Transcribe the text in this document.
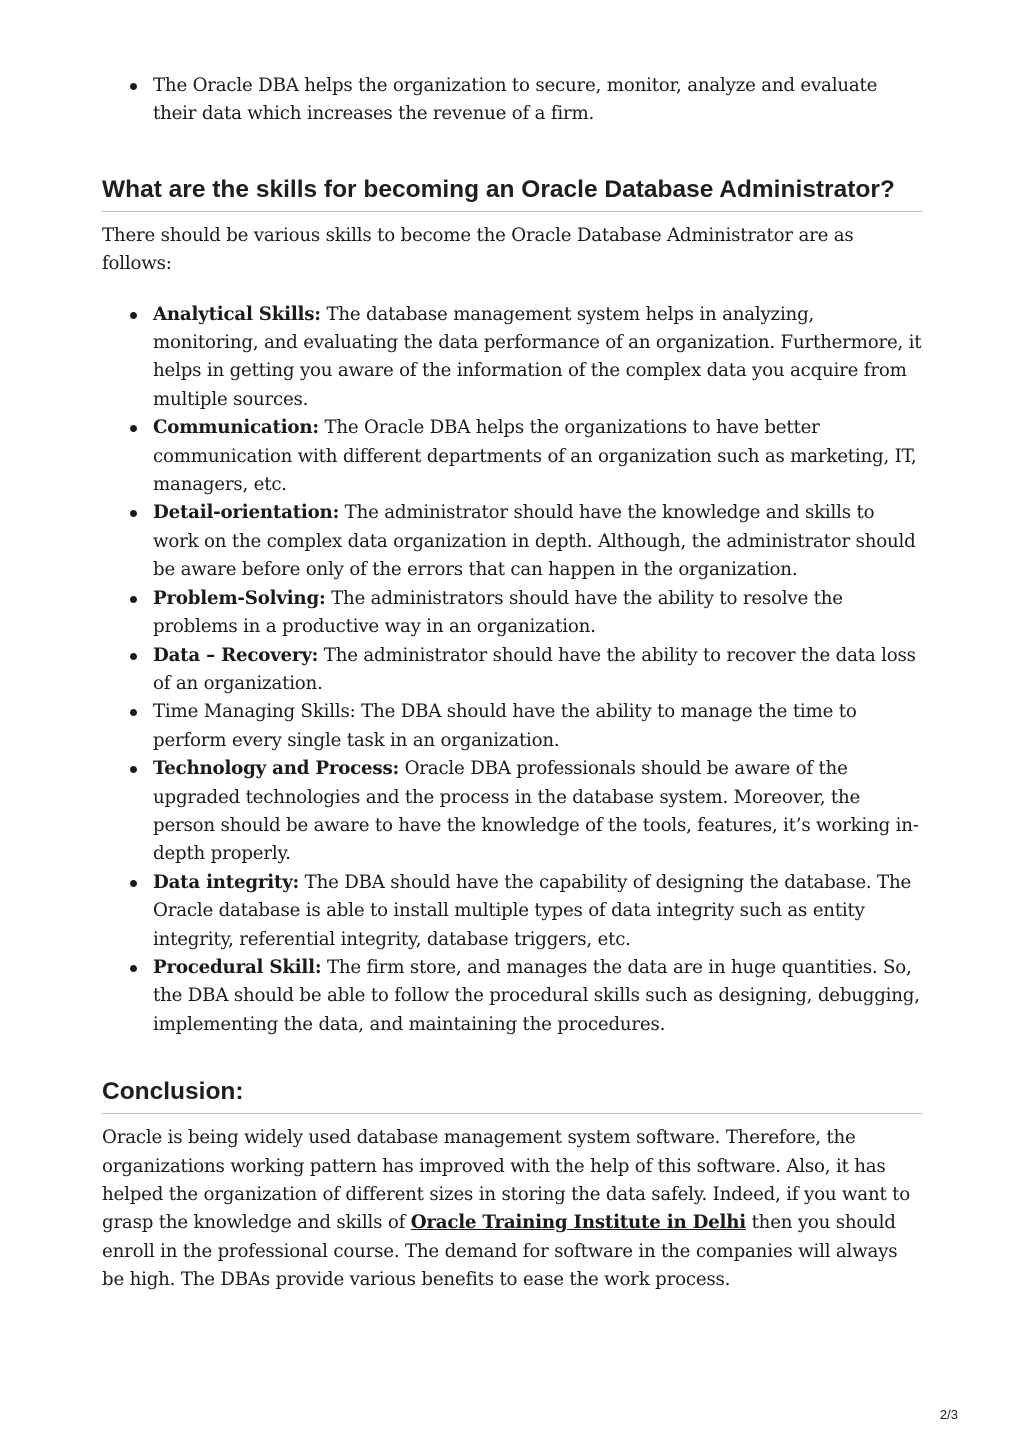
The Oracle DBA helps the organization to secure, monitor, analyze and evaluate their data which increases the revenue of a firm.
What are the skills for becoming an Oracle Database Administrator?

There should be various skills to become the Oracle Database Administrator are as follows:

Analytical Skills: The database management system helps in analyzing, monitoring, and evaluating the data performance of an organization. Furthermore, it helps in getting you aware of the information of the complex data you acquire from multiple sources.
Communication: The Oracle DBA helps the organizations to have better communication with different departments of an organization such as marketing, IT, managers, etc.
Detail-orientation: The administrator should have the knowledge and skills to work on the complex data organization in depth. Although, the administrator should be aware before only of the errors that can happen in the organization.
Problem-Solving: The administrators should have the ability to resolve the problems in a productive way in an organization.
Data – Recovery: The administrator should have the ability to recover the data loss of an organization.
Time Managing Skills: The DBA should have the ability to manage the time to perform every single task in an organization.
Technology and Process: Oracle DBA professionals should be aware of the upgraded technologies and the process in the database system. Moreover, the person should be aware to have the knowledge of the tools, features, it’s working in-depth properly.
Data integrity: The DBA should have the capability of designing the database. The Oracle database is able to install multiple types of data integrity such as entity integrity, referential integrity, database triggers, etc.
Procedural Skill: The firm store, and manages the data are in huge quantities. So, the DBA should be able to follow the procedural skills such as designing, debugging, implementing the data, and maintaining the procedures.
Conclusion:

Oracle is being widely used database management system software. Therefore, the organizations working pattern has improved with the help of this software. Also, it has helped the organization of different sizes in storing the data safely. Indeed, if you want to grasp the knowledge and skills of Oracle Training Institute in Delhi then you should enroll in the professional course. The demand for software in the companies will always be high. The DBAs provide various benefits to ease the work process.

2/3
